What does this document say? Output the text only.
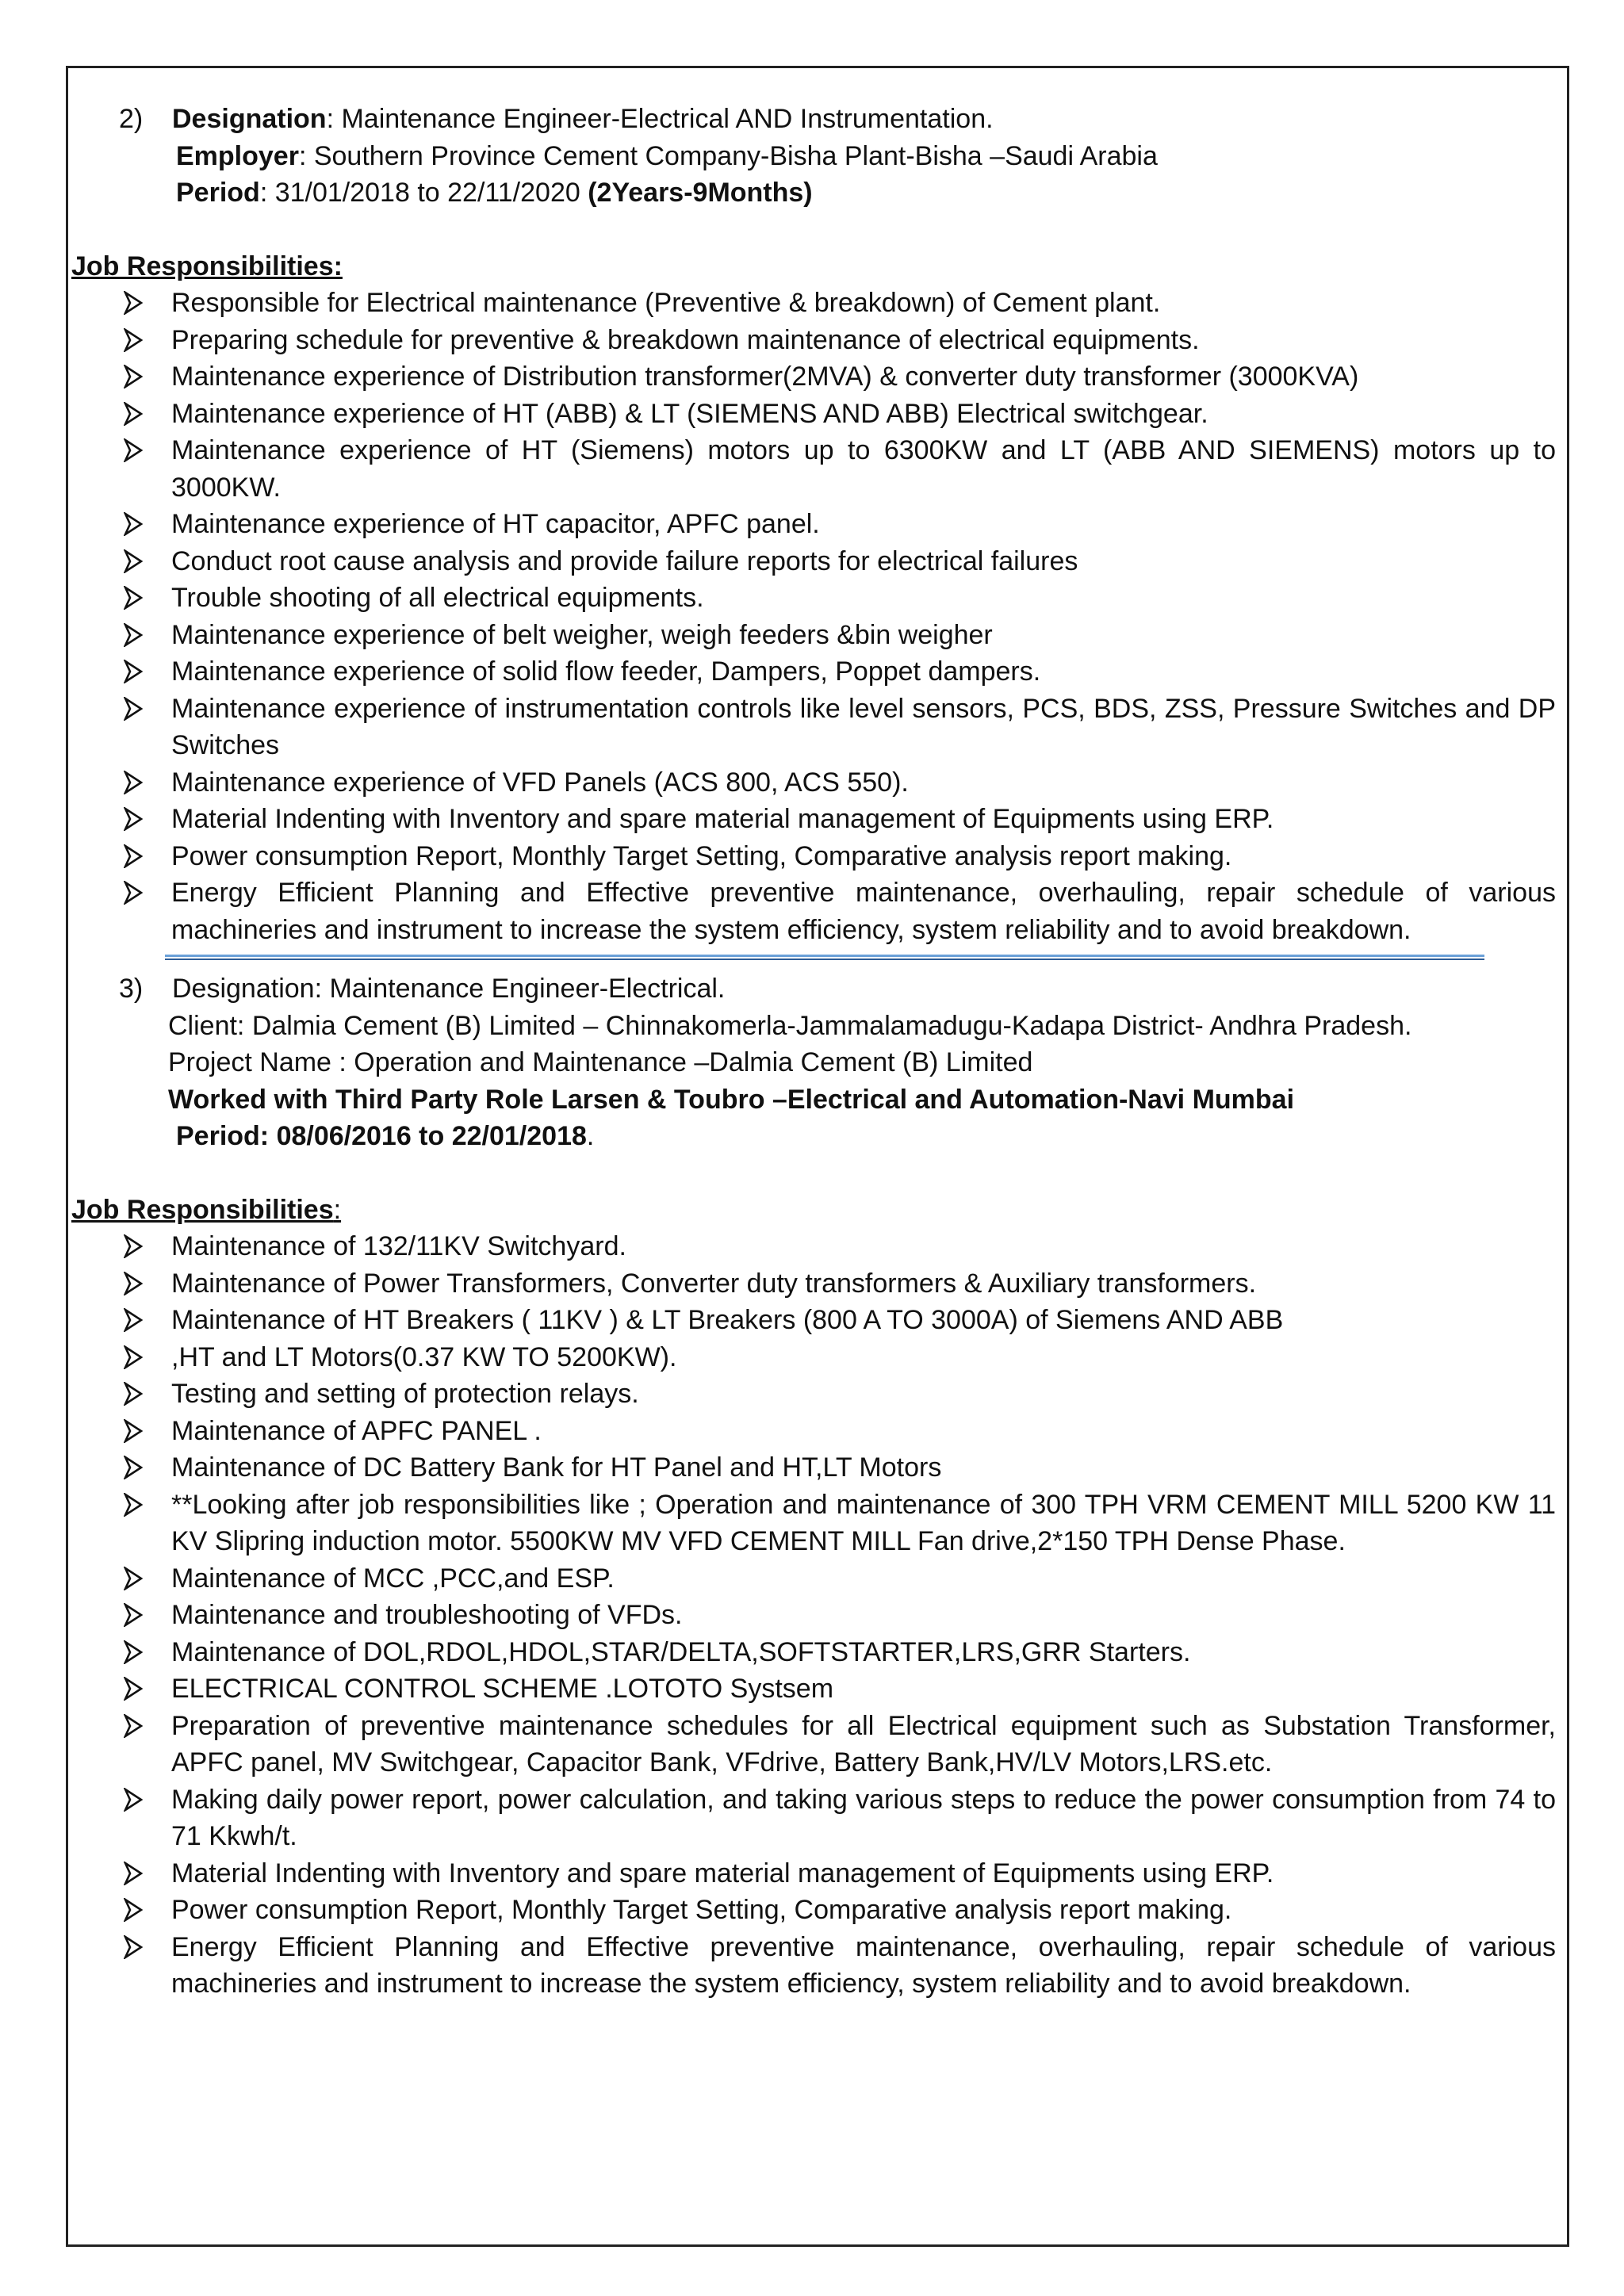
2) Designation: Maintenance Engineer-Electrical AND Instrumentation.
Employer: Southern Province Cement Company-Bisha Plant-Bisha –Saudi Arabia
Period: 31/01/2018 to 22/11/2020 (2Years-9Months)
Job Responsibilities:
Responsible for Electrical maintenance (Preventive & breakdown) of Cement plant.
Preparing schedule for preventive & breakdown maintenance of electrical equipments.
Maintenance experience of Distribution transformer(2MVA) & converter duty transformer (3000KVA)
Maintenance experience of HT (ABB) & LT (SIEMENS AND ABB) Electrical switchgear.
Maintenance experience of HT (Siemens) motors up to 6300KW and LT (ABB AND SIEMENS) motors up to 3000KW.
Maintenance experience of HT capacitor, APFC panel.
Conduct root cause analysis and provide failure reports for electrical failures
Trouble shooting of all electrical equipments.
Maintenance experience of belt weigher, weigh feeders &bin weigher
Maintenance experience of solid flow feeder, Dampers, Poppet dampers.
Maintenance experience of instrumentation controls like level sensors, PCS, BDS, ZSS, Pressure Switches and DP Switches
Maintenance experience of VFD Panels (ACS 800, ACS 550).
Material Indenting with Inventory and spare material management of Equipments using ERP.
Power consumption Report, Monthly Target Setting, Comparative analysis report making.
Energy Efficient Planning and Effective preventive maintenance, overhauling, repair schedule of various machineries and instrument to increase the system efficiency, system reliability and to avoid breakdown.
3) Designation: Maintenance Engineer-Electrical.
Client: Dalmia Cement (B) Limited – Chinnakomerla-Jammalamadugu-Kadapa District- Andhra Pradesh.
Project Name : Operation and Maintenance –Dalmia Cement (B) Limited
Worked with Third Party Role Larsen & Toubro –Electrical and Automation-Navi Mumbai
Period: 08/06/2016 to 22/01/2018.
Job Responsibilities:
Maintenance of 132/11KV Switchyard.
Maintenance of Power Transformers, Converter duty transformers & Auxiliary transformers.
Maintenance of HT Breakers ( 11KV ) & LT Breakers (800 A TO 3000A) of Siemens AND ABB
,HT and LT Motors(0.37 KW TO 5200KW).
Testing and setting of protection relays.
Maintenance of APFC PANEL .
Maintenance of DC Battery Bank for HT Panel and HT,LT Motors
**Looking after job responsibilities like ; Operation and maintenance of 300 TPH VRM CEMENT MILL 5200 KW 11 KV Slipring induction motor. 5500KW MV VFD CEMENT MILL Fan drive,2*150 TPH Dense Phase.
Maintenance of MCC ,PCC,and ESP.
Maintenance and troubleshooting of VFDs.
Maintenance of DOL,RDOL,HDOL,STAR/DELTA,SOFTSTARTER,LRS,GRR Starters.
ELECTRICAL CONTROL SCHEME .LOTOTO Systsem
Preparation of preventive maintenance schedules for all Electrical equipment such as Substation Transformer, APFC panel, MV Switchgear, Capacitor Bank, VFdrive, Battery Bank,HV/LV Motors,LRS.etc.
Making daily power report, power calculation, and taking various steps to reduce the power consumption from 74 to 71 Kkwh/t.
Material Indenting with Inventory and spare material management of Equipments using ERP.
Power consumption Report, Monthly Target Setting, Comparative analysis report making.
Energy Efficient Planning and Effective preventive maintenance, overhauling, repair schedule of various machineries and instrument to increase the system efficiency, system reliability and to avoid breakdown.
